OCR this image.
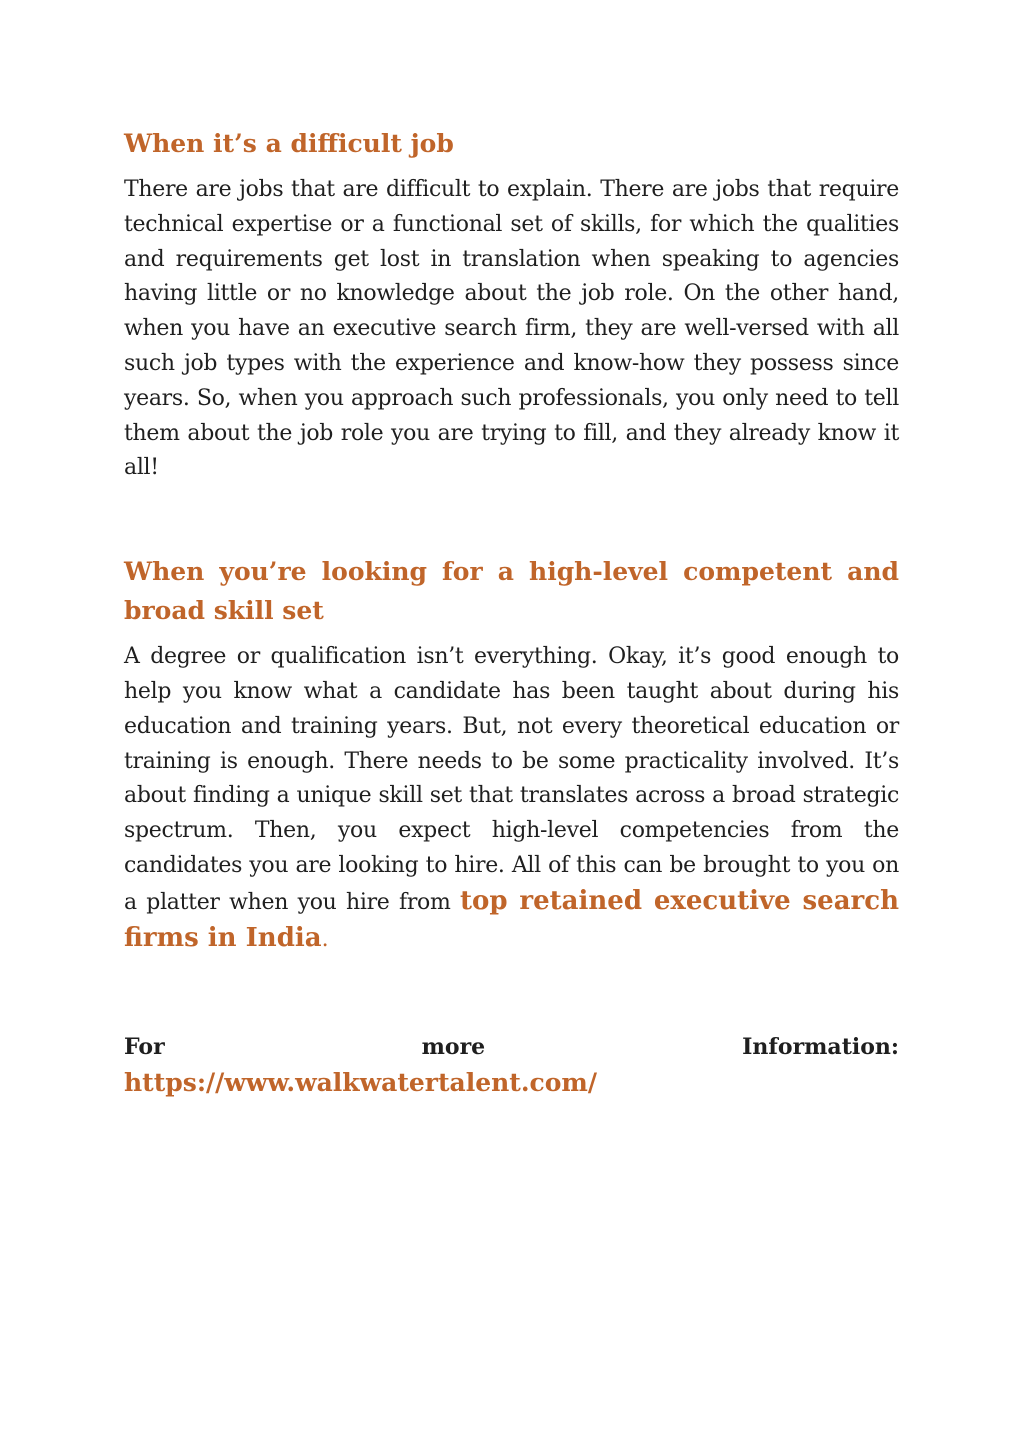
When it’s a difficult job

There are jobs that are difficult to explain. There are jobs that require technical expertise or a functional set of skills, for which the qualities and requirements get lost in translation when speaking to agencies having little or no knowledge about the job role. On the other hand, when you have an executive search firm, they are well-versed with all such job types with the experience and know-how they possess since years. So, when you approach such professionals, you only need to tell them about the job role you are trying to fill, and they already know it all!

When you’re looking for a high-level competent and broad skill set

A degree or qualification isn’t everything. Okay, it’s good enough to help you know what a candidate has been taught about during his education and training years. But, not every theoretical education or training is enough. There needs to be some practicality involved. It’s about finding a unique skill set that translates across a broad strategic spectrum. Then, you expect high-level competencies from the candidates you are looking to hire. All of this can be brought to you on a platter when you hire from top retained executive search firms in India.

For	more	Information:
https://www.walkwatertalent.com/
